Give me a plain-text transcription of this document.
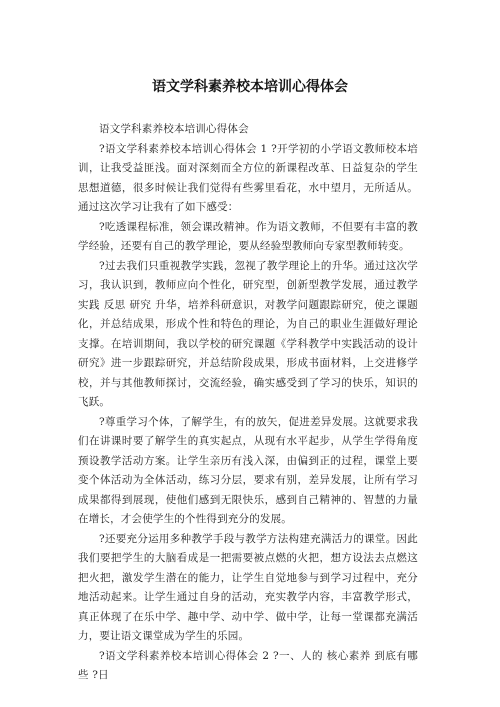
语文学科素养校本培训心得体会

语文学科素养校本培训心得体会

?语文学科素养校本培训心得体会 1 ?开学初的小学语文教师校本培训，让我受益匪浅。面对深刻而全方位的新课程改革、日益复杂的学生思想道德，很多时候让我们觉得有些雾里看花，水中望月，无所适从。通过这次学习让我有了如下感受：

?吃透课程标准，领会课改精神。作为语文教师，不但要有丰富的教学经验，还要有自己的教学理论，要从经验型教师向专家型教师转变。

?过去我们只重视教学实践，忽视了教学理论上的升华。通过这次学习，我认识到，教师应向个性化，研究型，创新型教学发展，通过教学实践 反思 研究 升华，培养科研意识，对教学问题跟踪研究，使之课题化，并总结成果，形成个性和特色的理论，为自己的职业生涯做好理论支撑。在培训期间，我以学校的研究课题《学科教学中实践活动的设计研究》进一步跟踪研究，并总结阶段成果，形成书面材料，上交进修学校，并与其他教师探讨，交流经验，确实感受到了学习的快乐，知识的飞跃。

?尊重学习个体，了解学生，有的放矢，促进差异发展。这就要求我们在讲课时要了解学生的真实起点，从现有水平起步，从学生学得角度预设教学活动方案。让学生亲历有浅入深，由偏到正的过程，课堂上要变个体活动为全体活动，练习分层，要求有别，差异发展，让所有学习成果都得到展现，使他们感到无限快乐，感到自己精神的、智慧的力量在增长，才会使学生的个性得到充分的发展。

?还要充分运用多种教学手段与教学方法构建充满活力的课堂。因此我们要把学生的大脑看成是一把需要被点燃的火把，想方设法去点燃这把火把，激发学生潜在的能力，让学生自觉地参与到学习过程中，充分地活动起来。让学生通过自身的活动，充实教学内容，丰富教学形式，真正体现了在乐中学、趣中学、动中学、做中学，让每一堂课都充满活力，要让语文课堂成为学生的乐园。

?语文学科素养校本培训心得体会 2 ?一、人的 核心素养 到底有哪些 ?日
